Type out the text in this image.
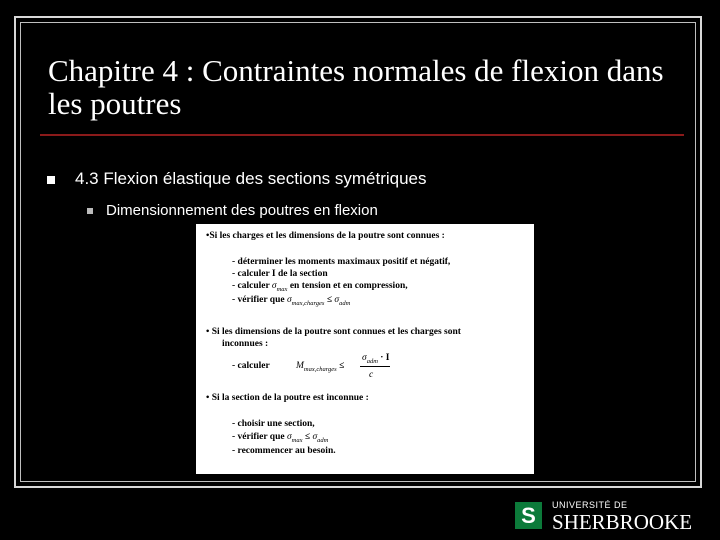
Chapitre 4 : Contraintes normales de flexion dans les poutres
4.3 Flexion élastique des sections symétriques
Dimensionnement des poutres en flexion
•Si les charges et les dimensions de la poutre sont connues :
- déterminer les moments maximaux positif et négatif,
- calculer I de la section
- calculer $\sigma_{max}$ en tension et en compression,
- vérifier que $\sigma_{max,charges} \le \sigma_{adm}$
• Si les dimensions de la poutre sont connues et les charges sont
inconnues :
- calculer	$M_{max,charges}$ ≤
$\sigma_{adm} \cdot I$
c
• Si la section de la poutre est inconnue :
- choisir une section,
- vérifier que $\sigma_{max} \le \sigma_{adm}$
- recommencer au besoin.
S	UNIVERSITÉ DE
SHERBROOKE
